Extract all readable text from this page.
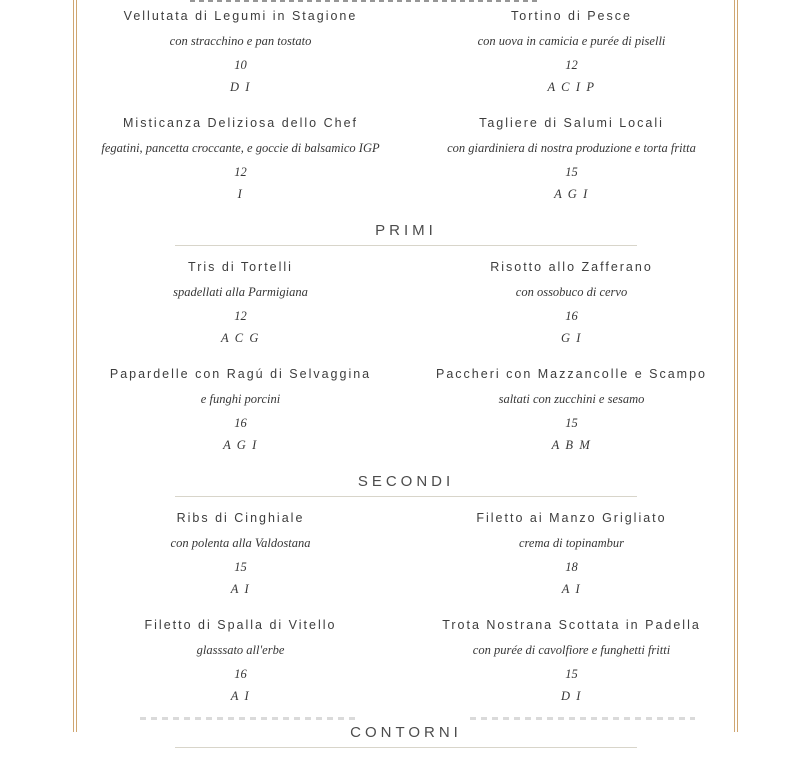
Vellutata di Legumi in Stagione
con stracchino e pan tostato
10
D I
Tortino di Pesce
con uova in camicia e purée di piselli
12
A C I P
Misticanza Deliziosa dello Chef
fegatini, pancetta croccante, e goccie di balsamico IGP
12
I
Tagliere di Salumi Locali
con giardiniera di nostra produzione e torta fritta
15
A G I
PRIMI
Tris di Tortelli
spadellati alla Parmigiana
12
A C G
Risotto allo Zafferano
con ossobuco di cervo
16
G I
Papardelle con Ragú di Selvaggina
e funghi porcini
16
A G I
Paccheri con Mazzancolle e Scampo
saltati con zucchini e sesamo
15
A B M
SECONDI
Ribs di Cinghiale
con polenta alla Valdostana
15
A I
Filetto ai Manzo Grigliato
crema di topinambur
18
A I
Filetto di Spalla di Vitello
glasssato all'erbe
16
A I
Trota Nostrana Scottata in Padella
con purée di cavolfiore e funghetti fritti
15
D I
CONTORNI
